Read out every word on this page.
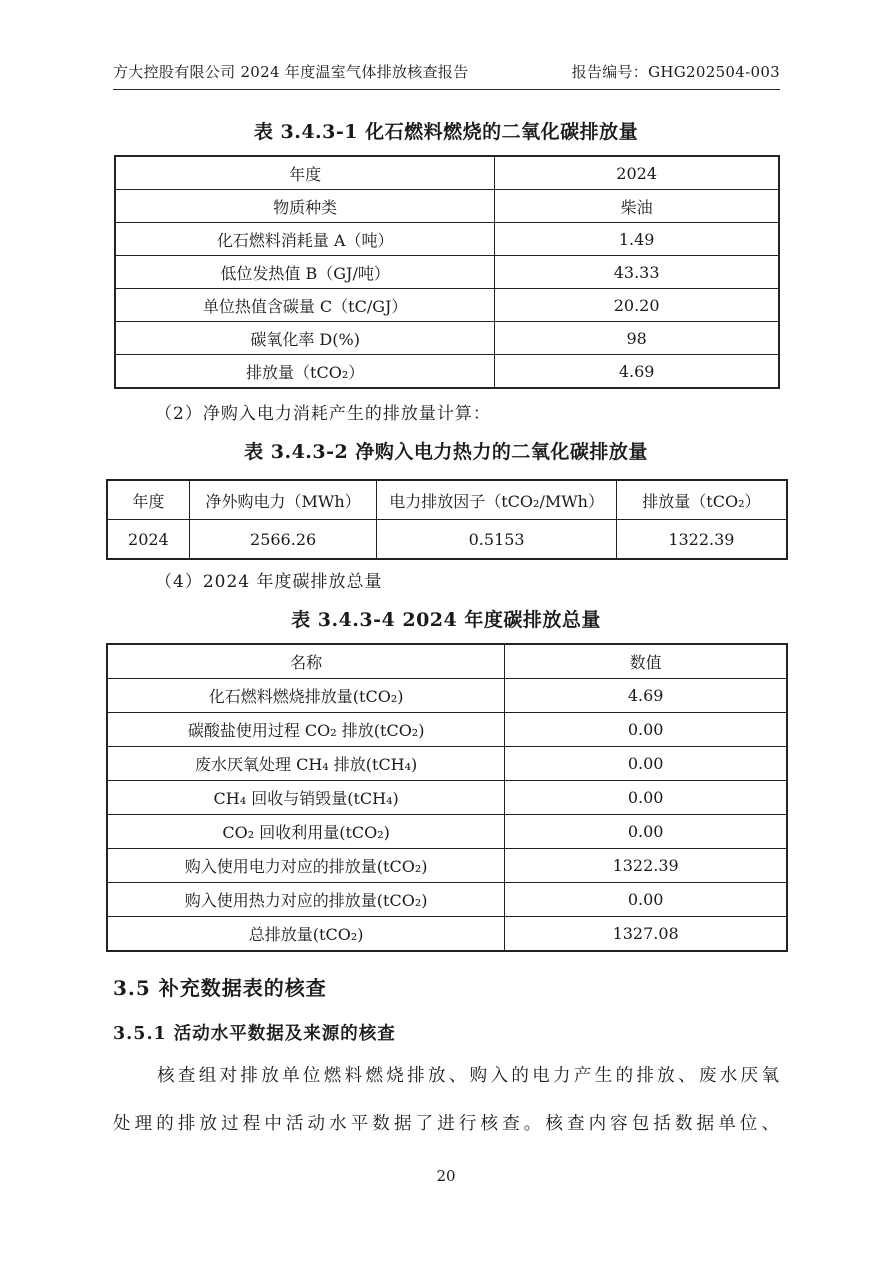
方大控股有限公司 2024 年度温室气体排放核查报告	报告编号：GHG202504-003
表 3.4.3-1 化石燃料燃烧的二氧化碳排放量
年度	2024
物质种类	柴油
化石燃料消耗量 A（吨）	1.49
低位发热值 B（GJ/吨）	43.33
单位热值含碳量 C（tC/GJ）	20.20
碳氧化率 D(%)	98
排放量（tCO₂）	4.69
（2）净购入电力消耗产生的排放量计算：
表 3.4.3-2 净购入电力热力的二氧化碳排放量
年度	净外购电力（MWh）	电力排放因子（tCO₂/MWh）	排放量（tCO₂）
2024	2566.26	0.5153	1322.39
（4）2024 年度碳排放总量
表 3.4.3-4 2024 年度碳排放总量
名称	数值
化石燃料燃烧排放量(tCO₂)	4.69
碳酸盐使用过程 CO₂ 排放(tCO₂)	0.00
废水厌氧处理 CH₄ 排放(tCH₄)	0.00
CH₄ 回收与销毁量(tCH₄)	0.00
CO₂ 回收利用量(tCO₂)	0.00
购入使用电力对应的排放量(tCO₂)	1322.39
购入使用热力对应的排放量(tCO₂)	0.00
总排放量(tCO₂)	1327.08
3.5 补充数据表的核查
3.5.1 活动水平数据及来源的核查
核查组对排放单位燃料燃烧排放、购入的电力产生的排放、废水厌氧
处理的排放过程中活动水平数据了进行核查。核查内容包括数据单位、
20
